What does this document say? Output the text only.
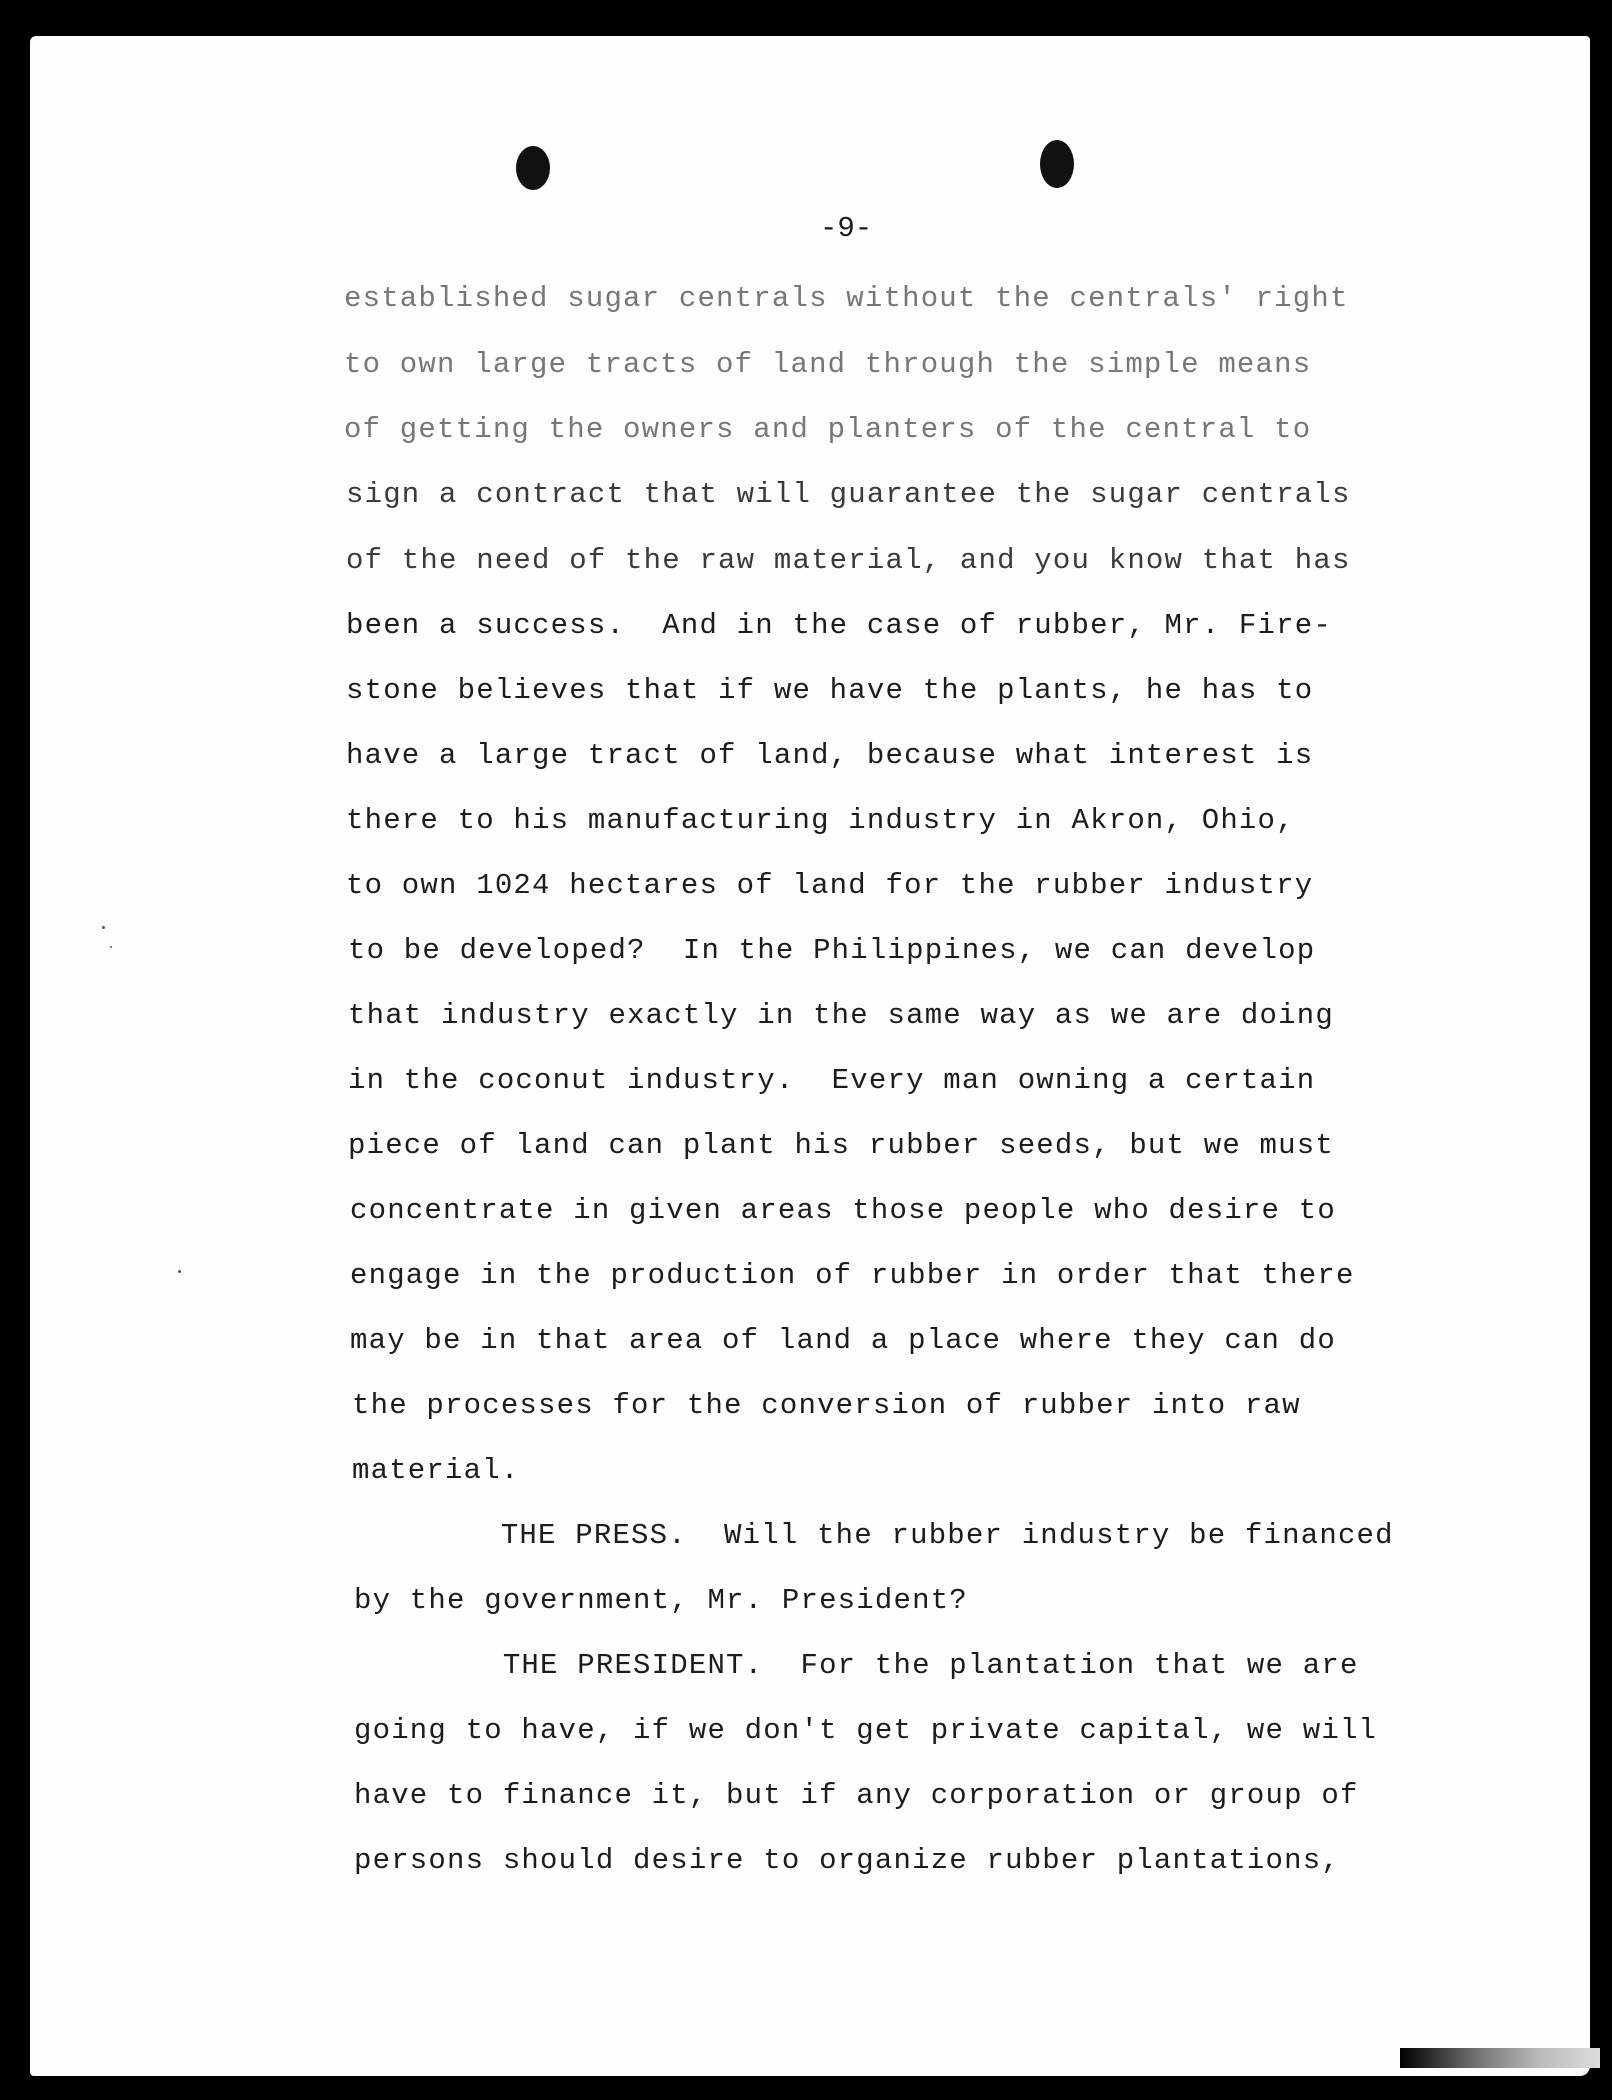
-9-
established sugar centrals without the centrals' right
to own large tracts of land through the simple means
of getting the owners and planters of the central to
sign a contract that will guarantee the sugar centrals
of the need of the raw material, and you know that has
been a success.  And in the case of rubber, Mr. Fire-
stone believes that if we have the plants, he has to
have a large tract of land, because what interest is
there to his manufacturing industry in Akron, Ohio,
to own 1024 hectares of land for the rubber industry
to be developed?  In the Philippines, we can develop
that industry exactly in the same way as we are doing
in the coconut industry.  Every man owning a certain
piece of land can plant his rubber seeds, but we must
concentrate in given areas those people who desire to
engage in the production of rubber in order that there
may be in that area of land a place where they can do
the processes for the conversion of rubber into raw
material.
THE PRESS.  Will the rubber industry be financed
by the government, Mr. President?
THE PRESIDENT.  For the plantation that we are
going to have, if we don't get private capital, we will
have to finance it, but if any corporation or group of
persons should desire to organize rubber plantations,
